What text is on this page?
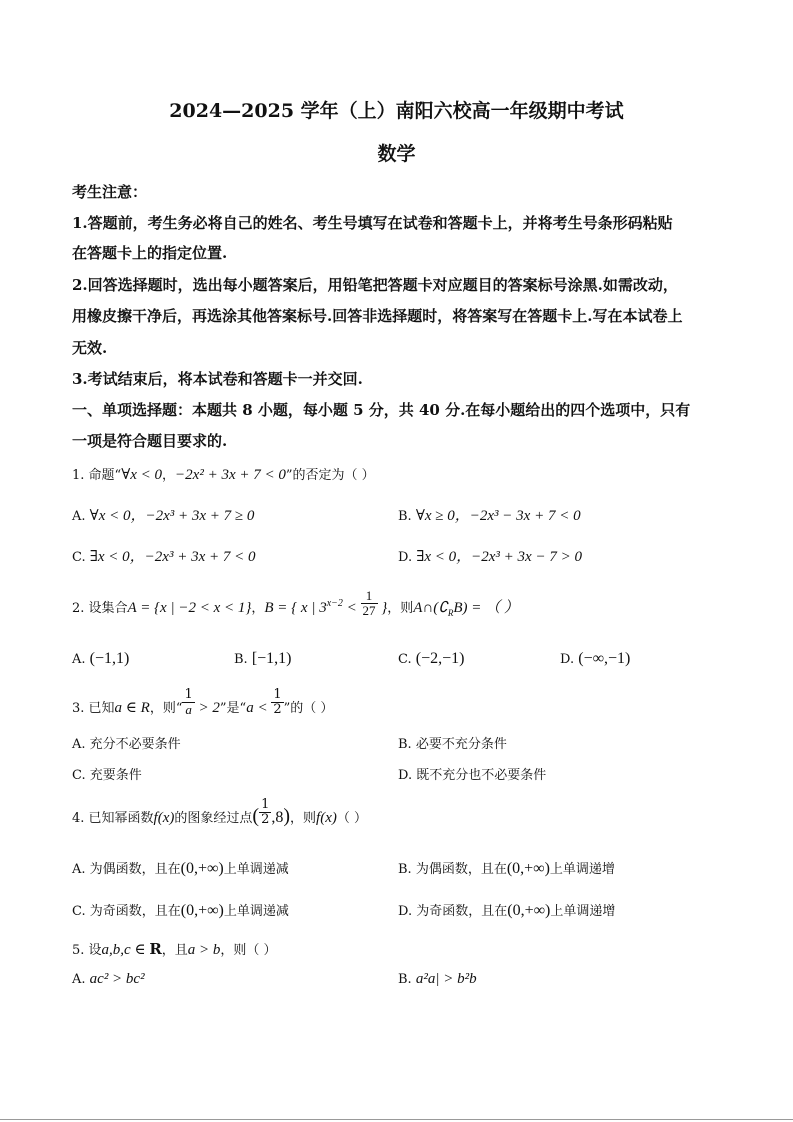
2024—2025 学年（上）南阳六校高一年级期中考试
数学
考生注意：
1.答题前，考生务必将自己的姓名、考生号填写在试卷和答题卡上，并将考生号条形码粘贴
在答题卡上的指定位置.
2.回答选择题时，选出每小题答案后，用铅笔把答题卡对应题目的答案标号涂黑.如需改动，
用橡皮擦干净后，再选涂其他答案标号.回答非选择题时，将答案写在答题卡上.写在本试卷上
无效.
3.考试结束后，将本试卷和答题卡一并交回.
一、单项选择题：本题共 8 小题，每小题 5 分，共 40 分.在每小题给出的四个选项中，只有
一项是符合题目要求的.
1. 命题“∀x < 0，−2x² + 3x + 7 < 0”的否定为（ ）
A. ∀x < 0，−2x³ + 3x + 7 ≥ 0	B. ∀x ≥ 0，−2x³ − 3x + 7 < 0
C. ∃x < 0，−2x³ + 3x + 7 < 0	D. ∃x < 0，−2x³ + 3x − 7 > 0
2. 设集合A = {x | −2 < x < 1}，B = { x | $3^{x-2} < \frac{1}{27}$ }，则$A\cap(∁_RB)$ = （ ）
A. (−1,1)	B. [−1,1)	C. (−2,−1)	D. (−∞,−1)
3. 已知a ∈ R，则“ $\frac{1}{a} > 2$”是“$a < \frac{1}{2}$ ”的（ ）
A. 充分不必要条件	B. 必要不充分条件
C. 充要条件	D. 既不充分也不必要条件
4. 已知幂函数f(x)的图象经过点( $\frac{1}{2} ,8$)，则f(x)（ ）
A. 为偶函数，且在(0,+∞)上单调递减	B. 为偶函数，且在(0,+∞)上单调递增
C. 为奇函数，且在(0,+∞)上单调递减	D. 为奇函数，且在(0,+∞)上单调递增
5. 设a,b,c ∈ R，且a > b，则（ ）
A. ac² > bc²	B. a²a| > b²b
